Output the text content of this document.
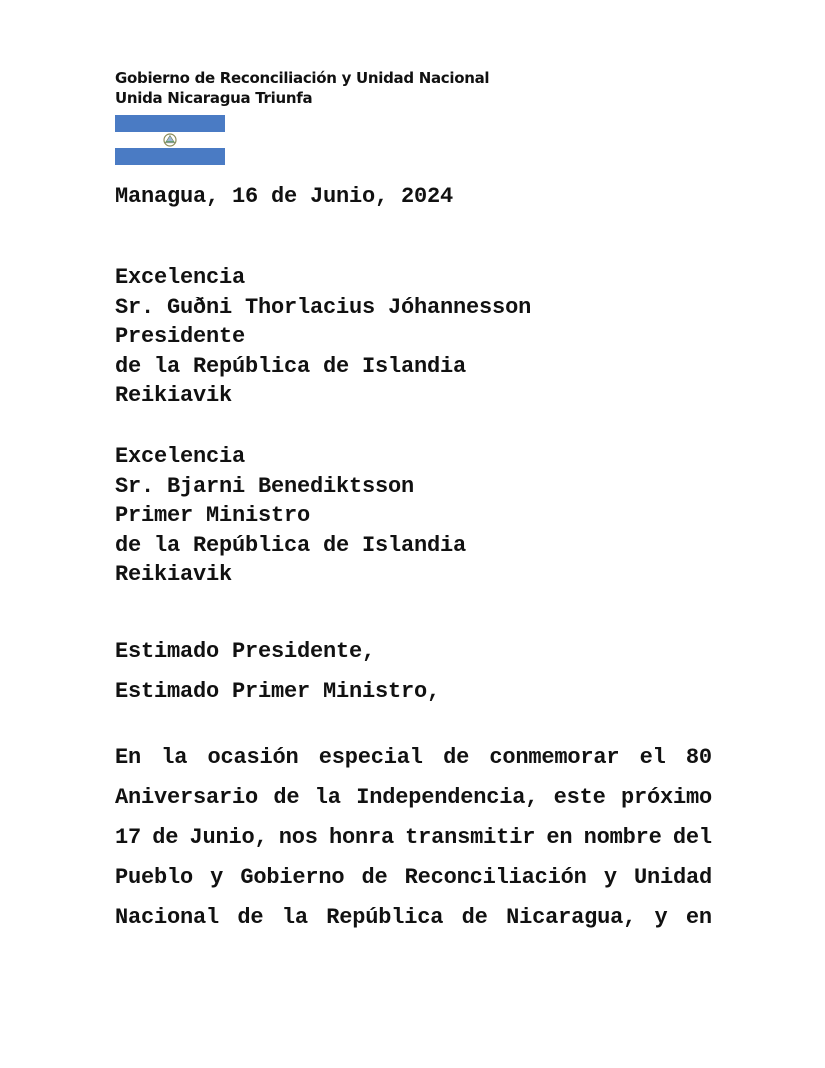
Gobierno de Reconciliación y Unidad Nacional
Unida Nicaragua Triunfa
Managua, 16 de Junio, 2024
Excelencia
Sr. Guðni Thorlacius Jóhannesson
Presidente
de la República de Islandia
Reikiavik
Excelencia
Sr. Bjarni Benediktsson
Primer Ministro
de la República de Islandia
Reikiavik
Estimado Presidente,
Estimado Primer Ministro,
En la ocasión especial de conmemorar el 80
Aniversario de la Independencia, este próximo
17 de Junio, nos honra transmitir en nombre del
Pueblo y Gobierno de Reconciliación y Unidad
Nacional de la República de Nicaragua, y en
